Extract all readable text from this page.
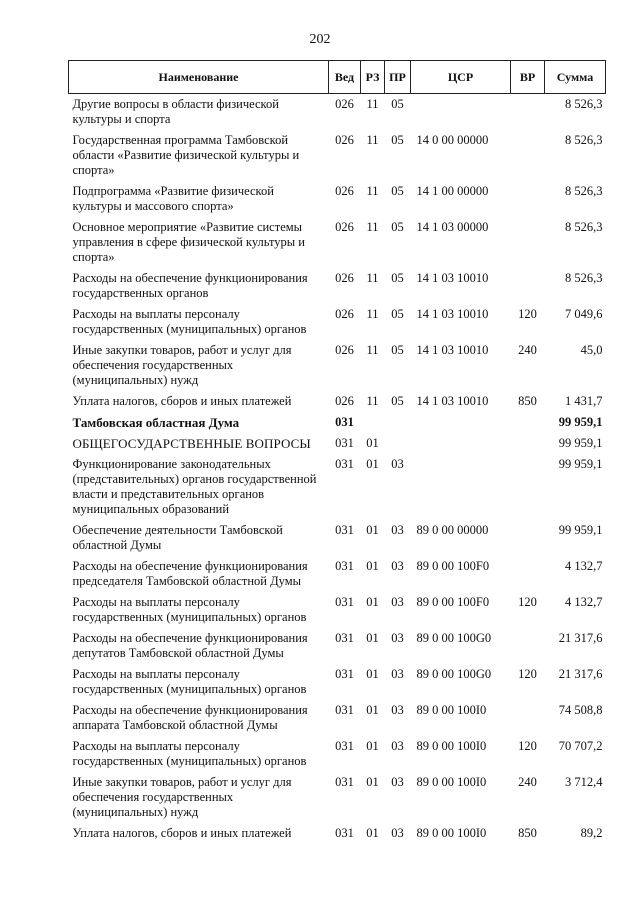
202
Наименование	Вед	РЗ	ПР	ЦСР	ВР	Сумма
Другие вопросы в области физической культуры и спорта	026	11	05			8 526,3
Государственная программа Тамбовской области «Развитие физической культуры и спорта»	026	11	05	14 0 00 00000		8 526,3
Подпрограмма «Развитие физической культуры и массового спорта»	026	11	05	14 1 00 00000		8 526,3
Основное мероприятие «Развитие системы управления в сфере физической культуры и спорта»	026	11	05	14 1 03 00000		8 526,3
Расходы на обеспечение функционирования государственных органов	026	11	05	14 1 03 10010		8 526,3
Расходы на выплаты персоналу государственных (муниципальных) органов	026	11	05	14 1 03 10010	120	7 049,6
Иные закупки товаров, работ и услуг для обеспечения государственных (муниципальных) нужд	026	11	05	14 1 03 10010	240	45,0
Уплата налогов, сборов и иных платежей	026	11	05	14 1 03 10010	850	1 431,7
Тамбовская областная Дума	031					99 959,1
ОБЩЕГОСУДАРСТВЕННЫЕ ВОПРОСЫ	031	01				99 959,1
Функционирование законодательных (представительных) органов государственной власти и представительных органов муниципальных образований	031	01	03			99 959,1
Обеспечение деятельности Тамбовской областной Думы	031	01	03	89 0 00 00000		99 959,1
Расходы на обеспечение функционирования председателя Тамбовской областной Думы	031	01	03	89 0 00 100F0		4 132,7
Расходы на выплаты персоналу государственных (муниципальных) органов	031	01	03	89 0 00 100F0	120	4 132,7
Расходы на обеспечение функционирования депутатов Тамбовской областной Думы	031	01	03	89 0 00 100G0		21 317,6
Расходы на выплаты персоналу государственных (муниципальных) органов	031	01	03	89 0 00 100G0	120	21 317,6
Расходы на обеспечение функционирования аппарата Тамбовской областной Думы	031	01	03	89 0 00 100I0		74 508,8
Расходы на выплаты персоналу государственных (муниципальных) органов	031	01	03	89 0 00 100I0	120	70 707,2
Иные закупки товаров, работ и услуг для обеспечения государственных (муниципальных) нужд	031	01	03	89 0 00 100I0	240	3 712,4
Уплата налогов, сборов и иных платежей	031	01	03	89 0 00 100I0	850	89,2
